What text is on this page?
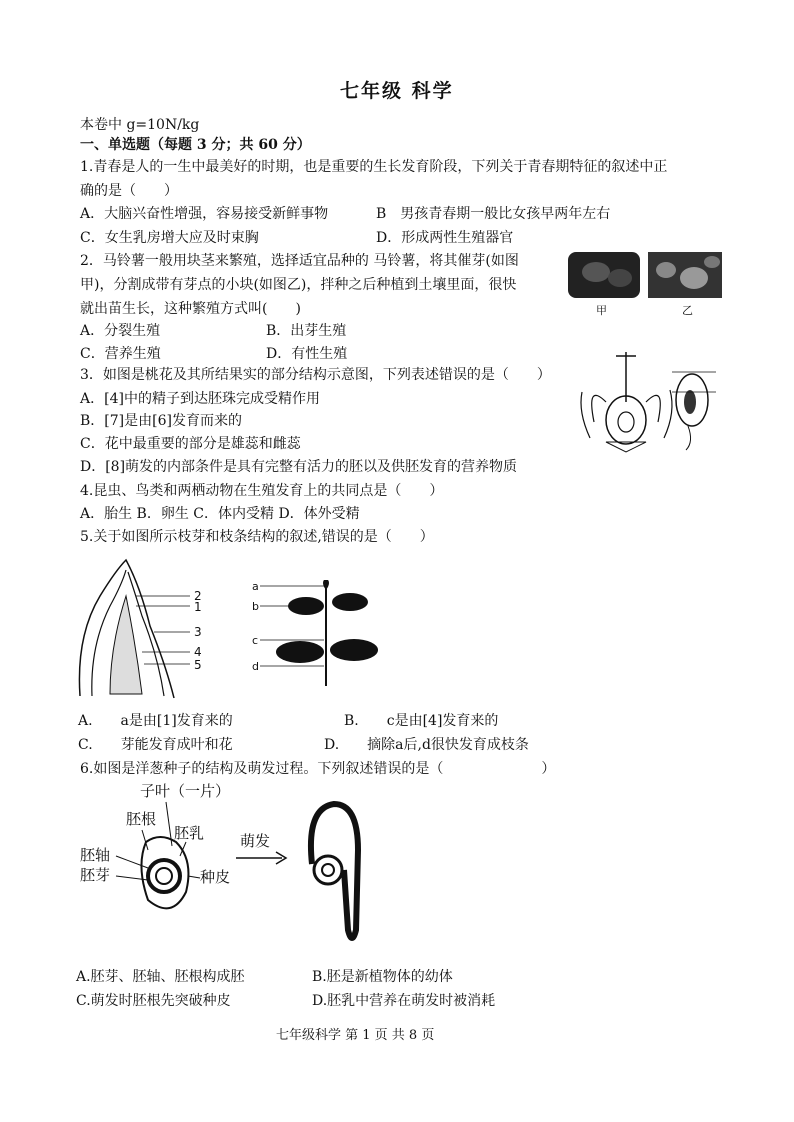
七年级 科学
本卷中 g=10N/kg
一、单选题（每题 3 分；共 60 分）
1.青春是人的一生中最美好的时期，也是重要的生长发育阶段，下列关于青春期特征的叙述中正
确的是（　　）
A．大脑兴奋性增强，容易接受新鲜事物	B　男孩青春期一般比女孩早两年左右
C．女生乳房增大应及时束胸	D．形成两性生殖器官
2．马铃薯一般用块茎来繁殖，选择适宜品种的 马铃薯，将其催芽(如图
甲)，分割成带有芽点的小块(如图乙)，拌种之后种植到土壤里面，很快
就出苗生长，这种繁殖方式叫(　　)
A．分裂生殖	B．出芽生殖
C．营养生殖	D．有性生殖
甲	乙
3．如图是桃花及其所结果实的部分结构示意图，下列表述错误的是（　　）
A．[4]中的精子到达胚珠完成受精作用
B．[7]是由[6]发育而来的
C．花中最重要的部分是雄蕊和雌蕊
D．[8]萌发的内部条件是具有完整有活力的胚以及供胚发育的营养物质
4.昆虫、鸟类和两栖动物在生殖发育上的共同点是（　　）
A．胎生 B．卵生 C．体内受精 D．体外受精
5.关于如图所示枝芽和枝条结构的叙述,错误的是（　　）
2
1
3
4
5
a
b
c
d
A.　　a是由[1]发育来的	B.　　c是由[4]发育来的
C.　　芽能发育成叶和花	D.　　摘除a后,d很快发育成枝条
6.如图是洋葱种子的结构及萌发过程。下列叙述错误的是（　　　　　　　）
子叶（一片）
胚根
胚乳
胚轴
胚芽	种皮
萌发
A.胚芽、胚轴、胚根构成胚	B.胚是新植物体的幼体
C.萌发时胚根先突破种皮	D.胚乳中营养在萌发时被消耗
七年级科学 第 1 页 共 8 页
